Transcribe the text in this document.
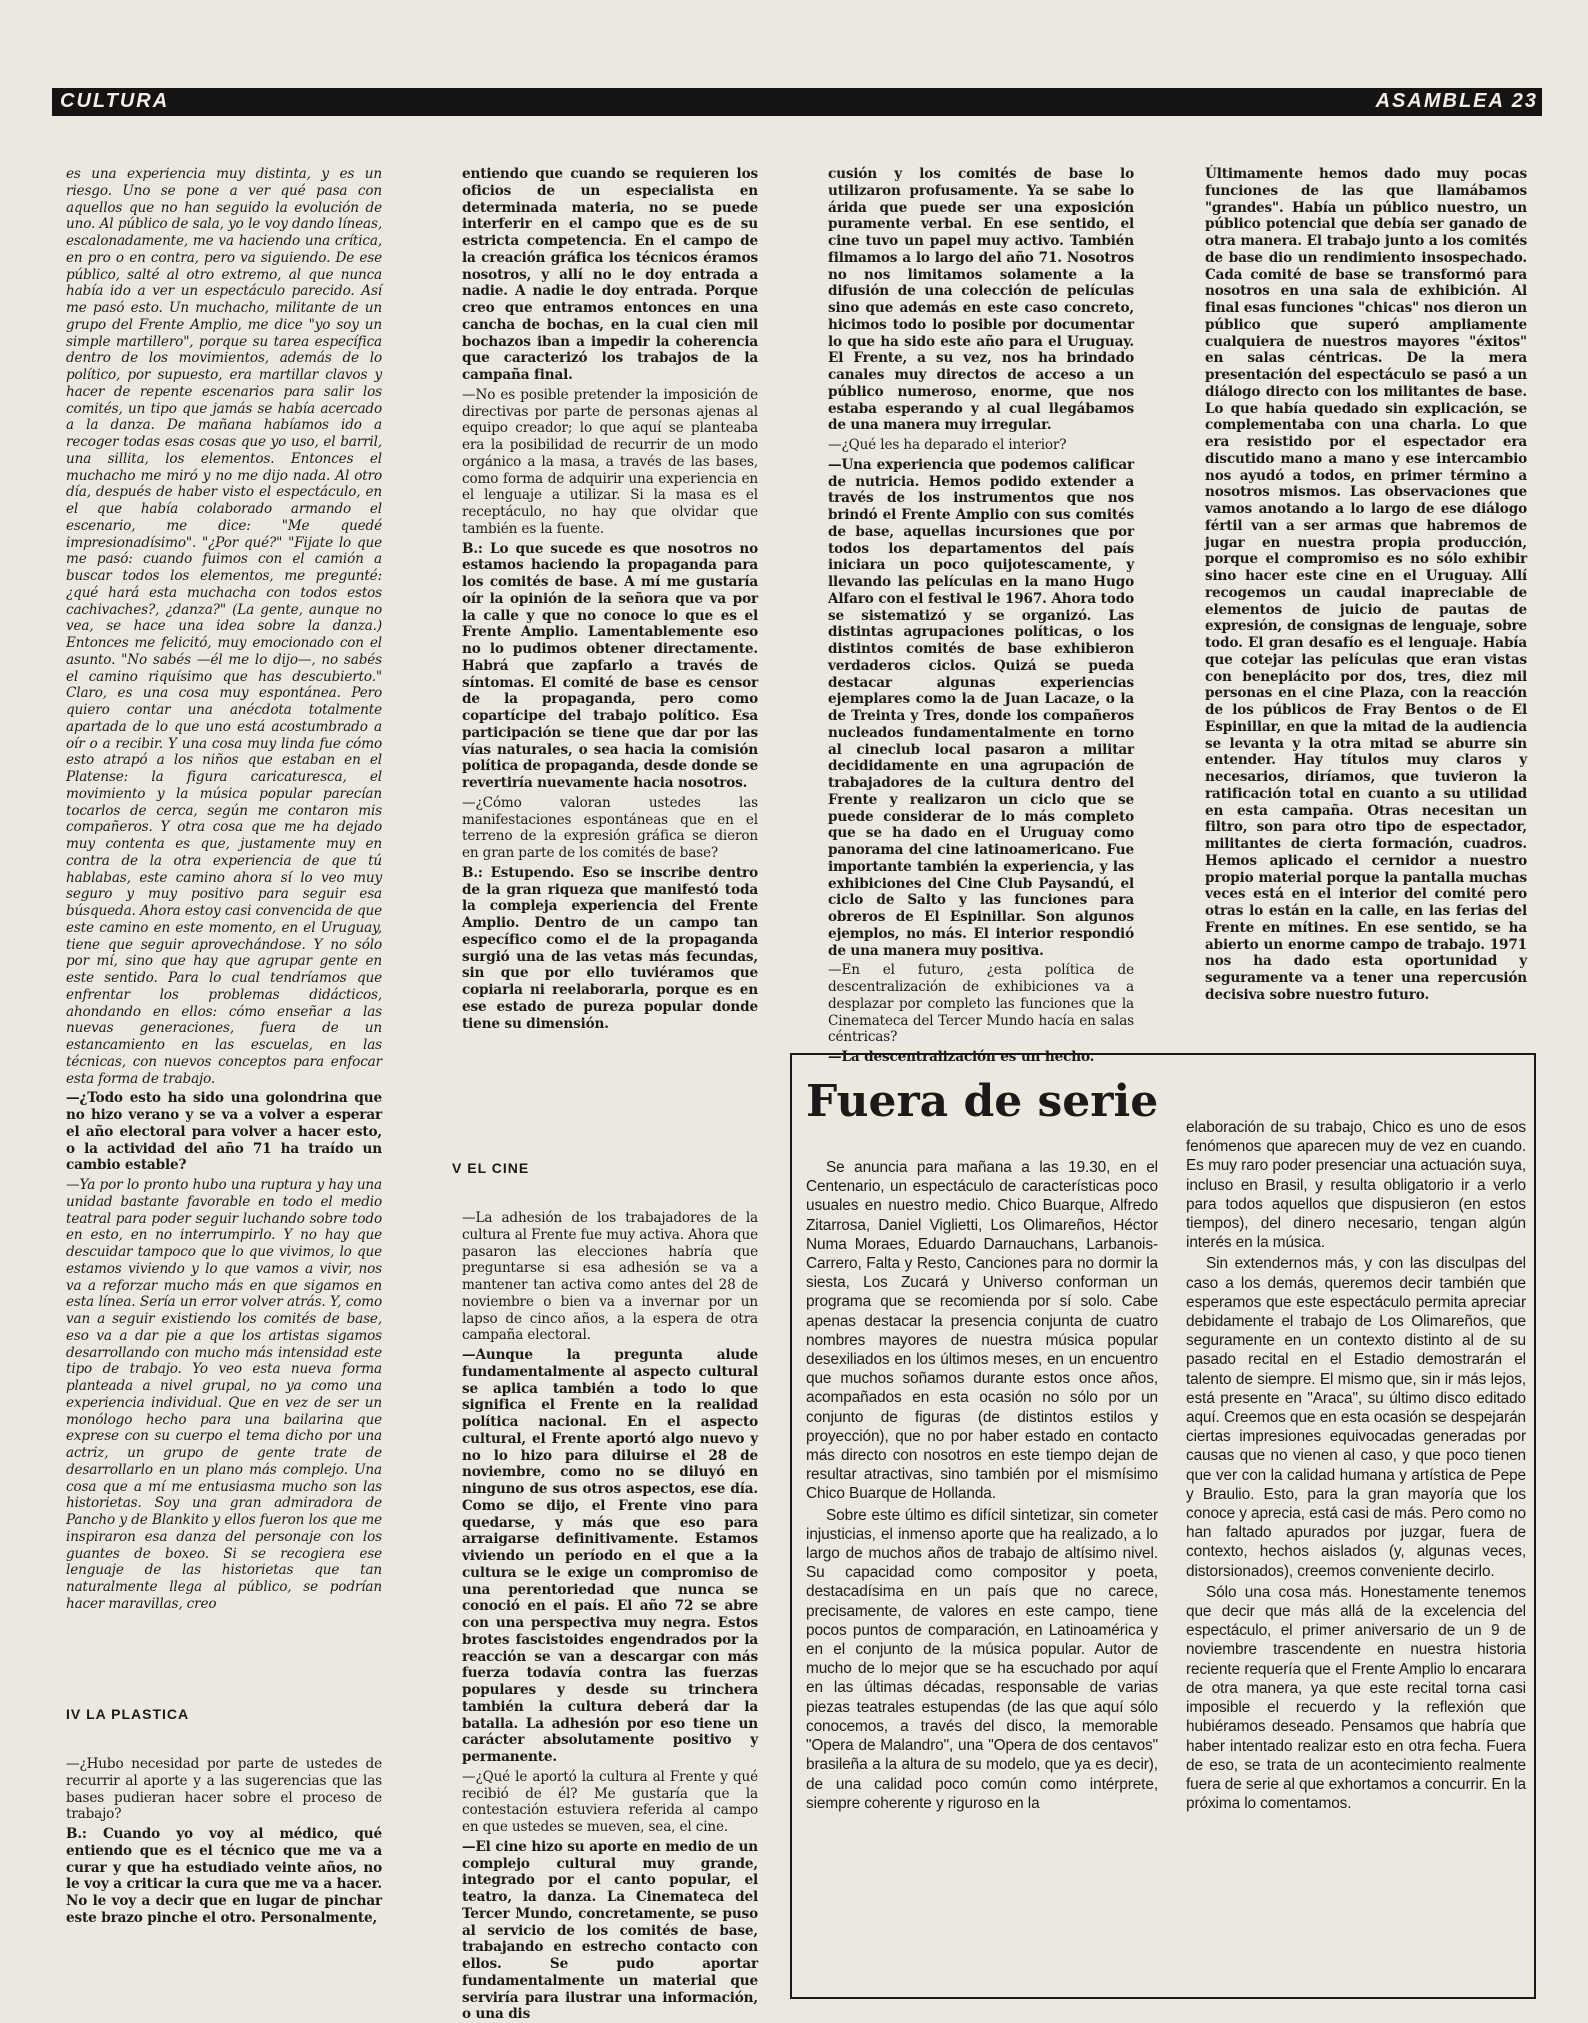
CULTURA	ASAMBLEA 23

es una experiencia muy distinta, y es un riesgo. Uno se pone a ver qué pasa con aquellos que no han seguido la evolución de uno. Al público de sala, yo le voy dando líneas, escalonadamente, me va haciendo una crítica, en pro o en contra, pero va siguiendo. De ese público, salté al otro extremo, al que nunca había ido a ver un espectáculo parecido. Así me pasó esto. Un muchacho, militante de un grupo del Frente Amplio, me dice "yo soy un simple martillero", porque su tarea específica dentro de los movimientos, además de lo político, por supuesto, era martillar clavos y hacer de repente escenarios para salir los comités, un tipo que jamás se había acercado a la danza. De mañana habíamos ido a recoger todas esas cosas que yo uso, el barril, una sillita, los elementos. Entonces el muchacho me miró y no me dijo nada. Al otro día, después de haber visto el espectáculo, en el que había colaborado armando el escenario, me dice: "Me quedé impresionadísimo". "¿Por qué?" "Fijate lo que me pasó: cuando fuimos con el camión a buscar todos los elementos, me pregunté: ¿qué hará esta muchacha con todos estos cachivaches?, ¿danza?" (La gente, aunque no vea, se hace una idea sobre la danza.) Entonces me felicitó, muy emocionado con el asunto. "No sabés —él me lo dijo—, no sabés el camino riquísimo que has descubierto." Claro, es una cosa muy espontánea. Pero quiero contar una anécdota totalmente apartada de lo que uno está acostumbrado a oír o a recibir. Y una cosa muy linda fue cómo esto atrapó a los niños que estaban en el Platense: la figura caricaturesca, el movimiento y la música popular parecían tocarlos de cerca, según me contaron mis compañeros. Y otra cosa que me ha dejado muy contenta es que, justamente muy en contra de la otra experiencia de que tú hablabas, este camino ahora sí lo veo muy seguro y muy positivo para seguir esa búsqueda. Ahora estoy casi convencida de que este camino en este momento, en el Uruguay, tiene que seguir aprovechándose. Y no sólo por mí, sino que hay que agrupar gente en este sentido. Para lo cual tendríamos que enfrentar los problemas didácticos, ahondando en ellos: cómo enseñar a las nuevas generaciones, fuera de un estancamiento en las escuelas, en las técnicas, con nuevos conceptos para enfocar esta forma de trabajo.

—¿Todo esto ha sido una golondrina que no hizo verano y se va a volver a esperar el año electoral para volver a hacer esto, o la actividad del año 71 ha traído un cambio estable?

—Ya por lo pronto hubo una ruptura y hay una unidad bastante favorable en todo el medio teatral para poder seguir luchando sobre todo en esto, en no interrumpirlo. Y no hay que descuidar tampoco que lo que vivimos, lo que estamos viviendo y lo que vamos a vivir, nos va a reforzar mucho más en que sigamos en esta línea. Sería un error volver atrás. Y, como van a seguir existiendo los comités de base, eso va a dar pie a que los artistas sigamos desarrollando con mucho más intensidad este tipo de trabajo. Yo veo esta nueva forma planteada a nivel grupal, no ya como una experiencia individual. Que en vez de ser un monólogo hecho para una bailarina que exprese con su cuerpo el tema dicho por una actriz, un grupo de gente trate de desarrollarlo en un plano más complejo. Una cosa que a mí me entusiasma mucho son las historietas. Soy una gran admiradora de Pancho y de Blankito y ellos fueron los que me inspiraron esa danza del personaje con los guantes de boxeo. Si se recogiera ese lenguaje de las historietas que tan naturalmente llega al público, se podrían hacer maravillas, creo

IV LA PLASTICA

—¿Hubo necesidad por parte de ustedes de recurrir al aporte y a las sugerencias que las bases pudieran hacer sobre el proceso de trabajo?

B.: Cuando yo voy al médico, qué entiendo que es el técnico que me va a curar y que ha estudiado veinte años, no le voy a criticar la cura que me va a hacer. No le voy a decir que en lugar de pinchar este brazo pinche el otro. Personalmente,

entiendo que cuando se requieren los oficios de un especialista en determinada materia, no se puede interferir en el campo que es de su estricta competencia. En el campo de la creación gráfica los técnicos éramos nosotros, y allí no le doy entrada a nadie. A nadie le doy entrada. Porque creo que entramos entonces en una cancha de bochas, en la cual cien mil bochazos iban a impedir la coherencia que caracterizó los trabajos de la campaña final.

—No es posible pretender la imposición de directivas por parte de personas ajenas al equipo creador; lo que aquí se planteaba era la posibilidad de recurrir de un modo orgánico a la masa, a través de las bases, como forma de adquirir una experiencia en el lenguaje a utilizar. Si la masa es el receptáculo, no hay que olvidar que también es la fuente.

B.: Lo que sucede es que nosotros no estamos haciendo la propaganda para los comités de base. A mí me gustaría oír la opinión de la señora que va por la calle y que no conoce lo que es el Frente Amplio. Lamentablemente eso no lo pudimos obtener directamente. Habrá que zapfarlo a través de síntomas. El comité de base es censor de la propaganda, pero como copartícipe del trabajo político. Esa participación se tiene que dar por las vías naturales, o sea hacia la comisión política de propaganda, desde donde se revertiría nuevamente hacia nosotros.

—¿Cómo valoran ustedes las manifestaciones espontáneas que en el terreno de la expresión gráfica se dieron en gran parte de los comités de base?

B.: Estupendo. Eso se inscribe dentro de la gran riqueza que manifestó toda la compleja experiencia del Frente Amplio. Dentro de un campo tan específico como el de la propaganda surgió una de las vetas más fecundas, sin que por ello tuviéramos que copiarla ni reelaborarla, porque es en ese estado de pureza popular donde tiene su dimensión.

V EL CINE

—La adhesión de los trabajadores de la cultura al Frente fue muy activa. Ahora que pasaron las elecciones habría que preguntarse si esa adhesión se va a mantener tan activa como antes del 28 de noviembre o bien va a invernar por un lapso de cinco años, a la espera de otra campaña electoral.

—Aunque la pregunta alude fundamentalmente al aspecto cultural se aplica también a todo lo que significa el Frente en la realidad política nacional. En el aspecto cultural, el Frente aportó algo nuevo y no lo hizo para diluirse el 28 de noviembre, como no se diluyó en ninguno de sus otros aspectos, ese día. Como se dijo, el Frente vino para quedarse, y más que eso para arraigarse definitivamente. Estamos viviendo un período en el que a la cultura se le exige un compromiso de una perentoriedad que nunca se conoció en el país. El año 72 se abre con una perspectiva muy negra. Estos brotes fascistoides engendrados por la reacción se van a descargar con más fuerza todavía contra las fuerzas populares y desde su trinchera también la cultura deberá dar la batalla. La adhesión por eso tiene un carácter absolutamente positivo y permanente.

—¿Qué le aportó la cultura al Frente y qué recibió de él? Me gustaría que la contestación estuviera referida al campo en que ustedes se mueven, sea, el cine.

—El cine hizo su aporte en medio de un complejo cultural muy grande, integrado por el canto popular, el teatro, la danza. La Cinemateca del Tercer Mundo, concretamente, se puso al servicio de los comités de base, trabajando en estrecho contacto con ellos. Se pudo aportar fundamentalmente un material que serviría para ilustrar una información, o una dis

cusión y los comités de base lo utilizaron profusamente. Ya se sabe lo árida que puede ser una exposición puramente verbal. En ese sentido, el cine tuvo un papel muy activo. También filmamos a lo largo del año 71. Nosotros no nos limitamos solamente a la difusión de una colección de películas sino que además en este caso concreto, hicimos todo lo posible por documentar lo que ha sido este año para el Uruguay. El Frente, a su vez, nos ha brindado canales muy directos de acceso a un público numeroso, enorme, que nos estaba esperando y al cual llegábamos de una manera muy irregular.

—¿Qué les ha deparado el interior?

—Una experiencia que podemos calificar de nutricia. Hemos podido extender a través de los instrumentos que nos brindó el Frente Amplio con sus comités de base, aquellas incursiones que por todos los departamentos del país iniciara un poco quijotescamente, y llevando las películas en la mano Hugo Alfaro con el festival le 1967. Ahora todo se sistematizó y se organizó. Las distintas agrupaciones políticas, o los distintos comités de base exhibieron verdaderos ciclos. Quizá se pueda destacar algunas experiencias ejemplares como la de Juan Lacaze, o la de Treinta y Tres, donde los compañeros nucleados fundamentalmente en torno al cineclub local pasaron a militar decididamente en una agrupación de trabajadores de la cultura dentro del Frente y realizaron un ciclo que se puede considerar de lo más completo que se ha dado en el Uruguay como panorama del cine latinoamericano. Fue importante también la experiencia, y las exhibiciones del Cine Club Paysandú, el ciclo de Salto y las funciones para obreros de El Espinillar. Son algunos ejemplos, no más. El interior respondió de una manera muy positiva.

—En el futuro, ¿esta política de descentralización de exhibiciones va a desplazar por completo las funciones que la Cinemateca del Tercer Mundo hacía en salas céntricas?

—La descentralización es un hecho.

Últimamente hemos dado muy pocas funciones de las que llamábamos "grandes". Había un público nuestro, un público potencial que debía ser ganado de otra manera. El trabajo junto a los comités de base dio un rendimiento insospechado. Cada comité de base se transformó para nosotros en una sala de exhibición. Al final esas funciones "chicas" nos dieron un público que superó ampliamente cualquiera de nuestros mayores "éxitos" en salas céntricas. De la mera presentación del espectáculo se pasó a un diálogo directo con los militantes de base. Lo que había quedado sin explicación, se complementaba con una charla. Lo que era resistido por el espectador era discutido mano a mano y ese intercambio nos ayudó a todos, en primer término a nosotros mismos. Las observaciones que vamos anotando a lo largo de ese diálogo fértil van a ser armas que habremos de jugar en nuestra propia producción, porque el compromiso es no sólo exhibir sino hacer este cine en el Uruguay. Allí recogemos un caudal inapreciable de elementos de juicio de pautas de expresión, de consignas de lenguaje, sobre todo. El gran desafío es el lenguaje. Había que cotejar las películas que eran vistas con beneplácito por dos, tres, diez mil personas en el cine Plaza, con la reacción de los públicos de Fray Bentos o de El Espinillar, en que la mitad de la audiencia se levanta y la otra mitad se aburre sin entender. Hay títulos muy claros y necesarios, diríamos, que tuvieron la ratificación total en cuanto a su utilidad en esta campaña. Otras necesitan un filtro, son para otro tipo de espectador, militantes de cierta formación, cuadros. Hemos aplicado el cernidor a nuestro propio material porque la pantalla muchas veces está en el interior del comité pero otras lo están en la calle, en las ferias del Frente en mítines. En ese sentido, se ha abierto un enorme campo de trabajo. 1971 nos ha dado esta oportunidad y seguramente va a tener una repercusión decisiva sobre nuestro futuro.

Fuera de serie

Se anuncia para mañana a las 19.30, en el Centenario, un espectáculo de características poco usuales en nuestro medio. Chico Buarque, Alfredo Zitarrosa, Daniel Viglietti, Los Olimareños, Héctor Numa Moraes, Eduardo Darnauchans, Larbanois-Carrero, Falta y Resto, Canciones para no dormir la siesta, Los Zucará y Universo conforman un programa que se recomienda por sí solo. Cabe apenas destacar la presencia conjunta de cuatro nombres mayores de nuestra música popular desexiliados en los últimos meses, en un encuentro que muchos soñamos durante estos once años, acompañados en esta ocasión no sólo por un conjunto de figuras (de distintos estilos y proyección), que no por haber estado en contacto más directo con nosotros en este tiempo dejan de resultar atractivas, sino también por el mismísimo Chico Buarque de Hollanda.

Sobre este último es difícil sintetizar, sin cometer injusticias, el inmenso aporte que ha realizado, a lo largo de muchos años de trabajo de altísimo nivel. Su capacidad como compositor y poeta, destacadísima en un país que no carece, precisamente, de valores en este campo, tiene pocos puntos de comparación, en Latinoamérica y en el conjunto de la música popular. Autor de mucho de lo mejor que se ha escuchado por aquí en las últimas décadas, responsable de varias piezas teatrales estupendas (de las que aquí sólo conocemos, a través del disco, la memorable "Opera de Malandro", una "Opera de dos centavos" brasileña a la altura de su modelo, que ya es decir), de una calidad poco común como intérprete, siempre coherente y riguroso en la

elaboración de su trabajo, Chico es uno de esos fenómenos que aparecen muy de vez en cuando. Es muy raro poder presenciar una actuación suya, incluso en Brasil, y resulta obligatorio ir a verlo para todos aquellos que dispusieron (en estos tiempos), del dinero necesario, tengan algún interés en la música.

Sin extendernos más, y con las disculpas del caso a los demás, queremos decir también que esperamos que este espectáculo permita apreciar debidamente el trabajo de Los Olimareños, que seguramente en un contexto distinto al de su pasado recital en el Estadio demostrarán el talento de siempre. El mismo que, sin ir más lejos, está presente en "Araca", su último disco editado aquí. Creemos que en esta ocasión se despejarán ciertas impresiones equivocadas generadas por causas que no vienen al caso, y que poco tienen que ver con la calidad humana y artística de Pepe y Braulio. Esto, para la gran mayoría que los conoce y aprecia, está casi de más. Pero como no han faltado apurados por juzgar, fuera de contexto, hechos aislados (y, algunas veces, distorsionados), creemos conveniente decirlo.

Sólo una cosa más. Honestamente tenemos que decir que más allá de la excelencia del espectáculo, el primer aniversario de un 9 de noviembre trascendente en nuestra historia reciente requería que el Frente Amplio lo encarara de otra manera, ya que este recital torna casi imposible el recuerdo y la reflexión que hubiéramos deseado. Pensamos que habría que haber intentado realizar esto en otra fecha. Fuera de eso, se trata de un acontecimiento realmente fuera de serie al que exhortamos a concurrir. En la próxima lo comentamos.
